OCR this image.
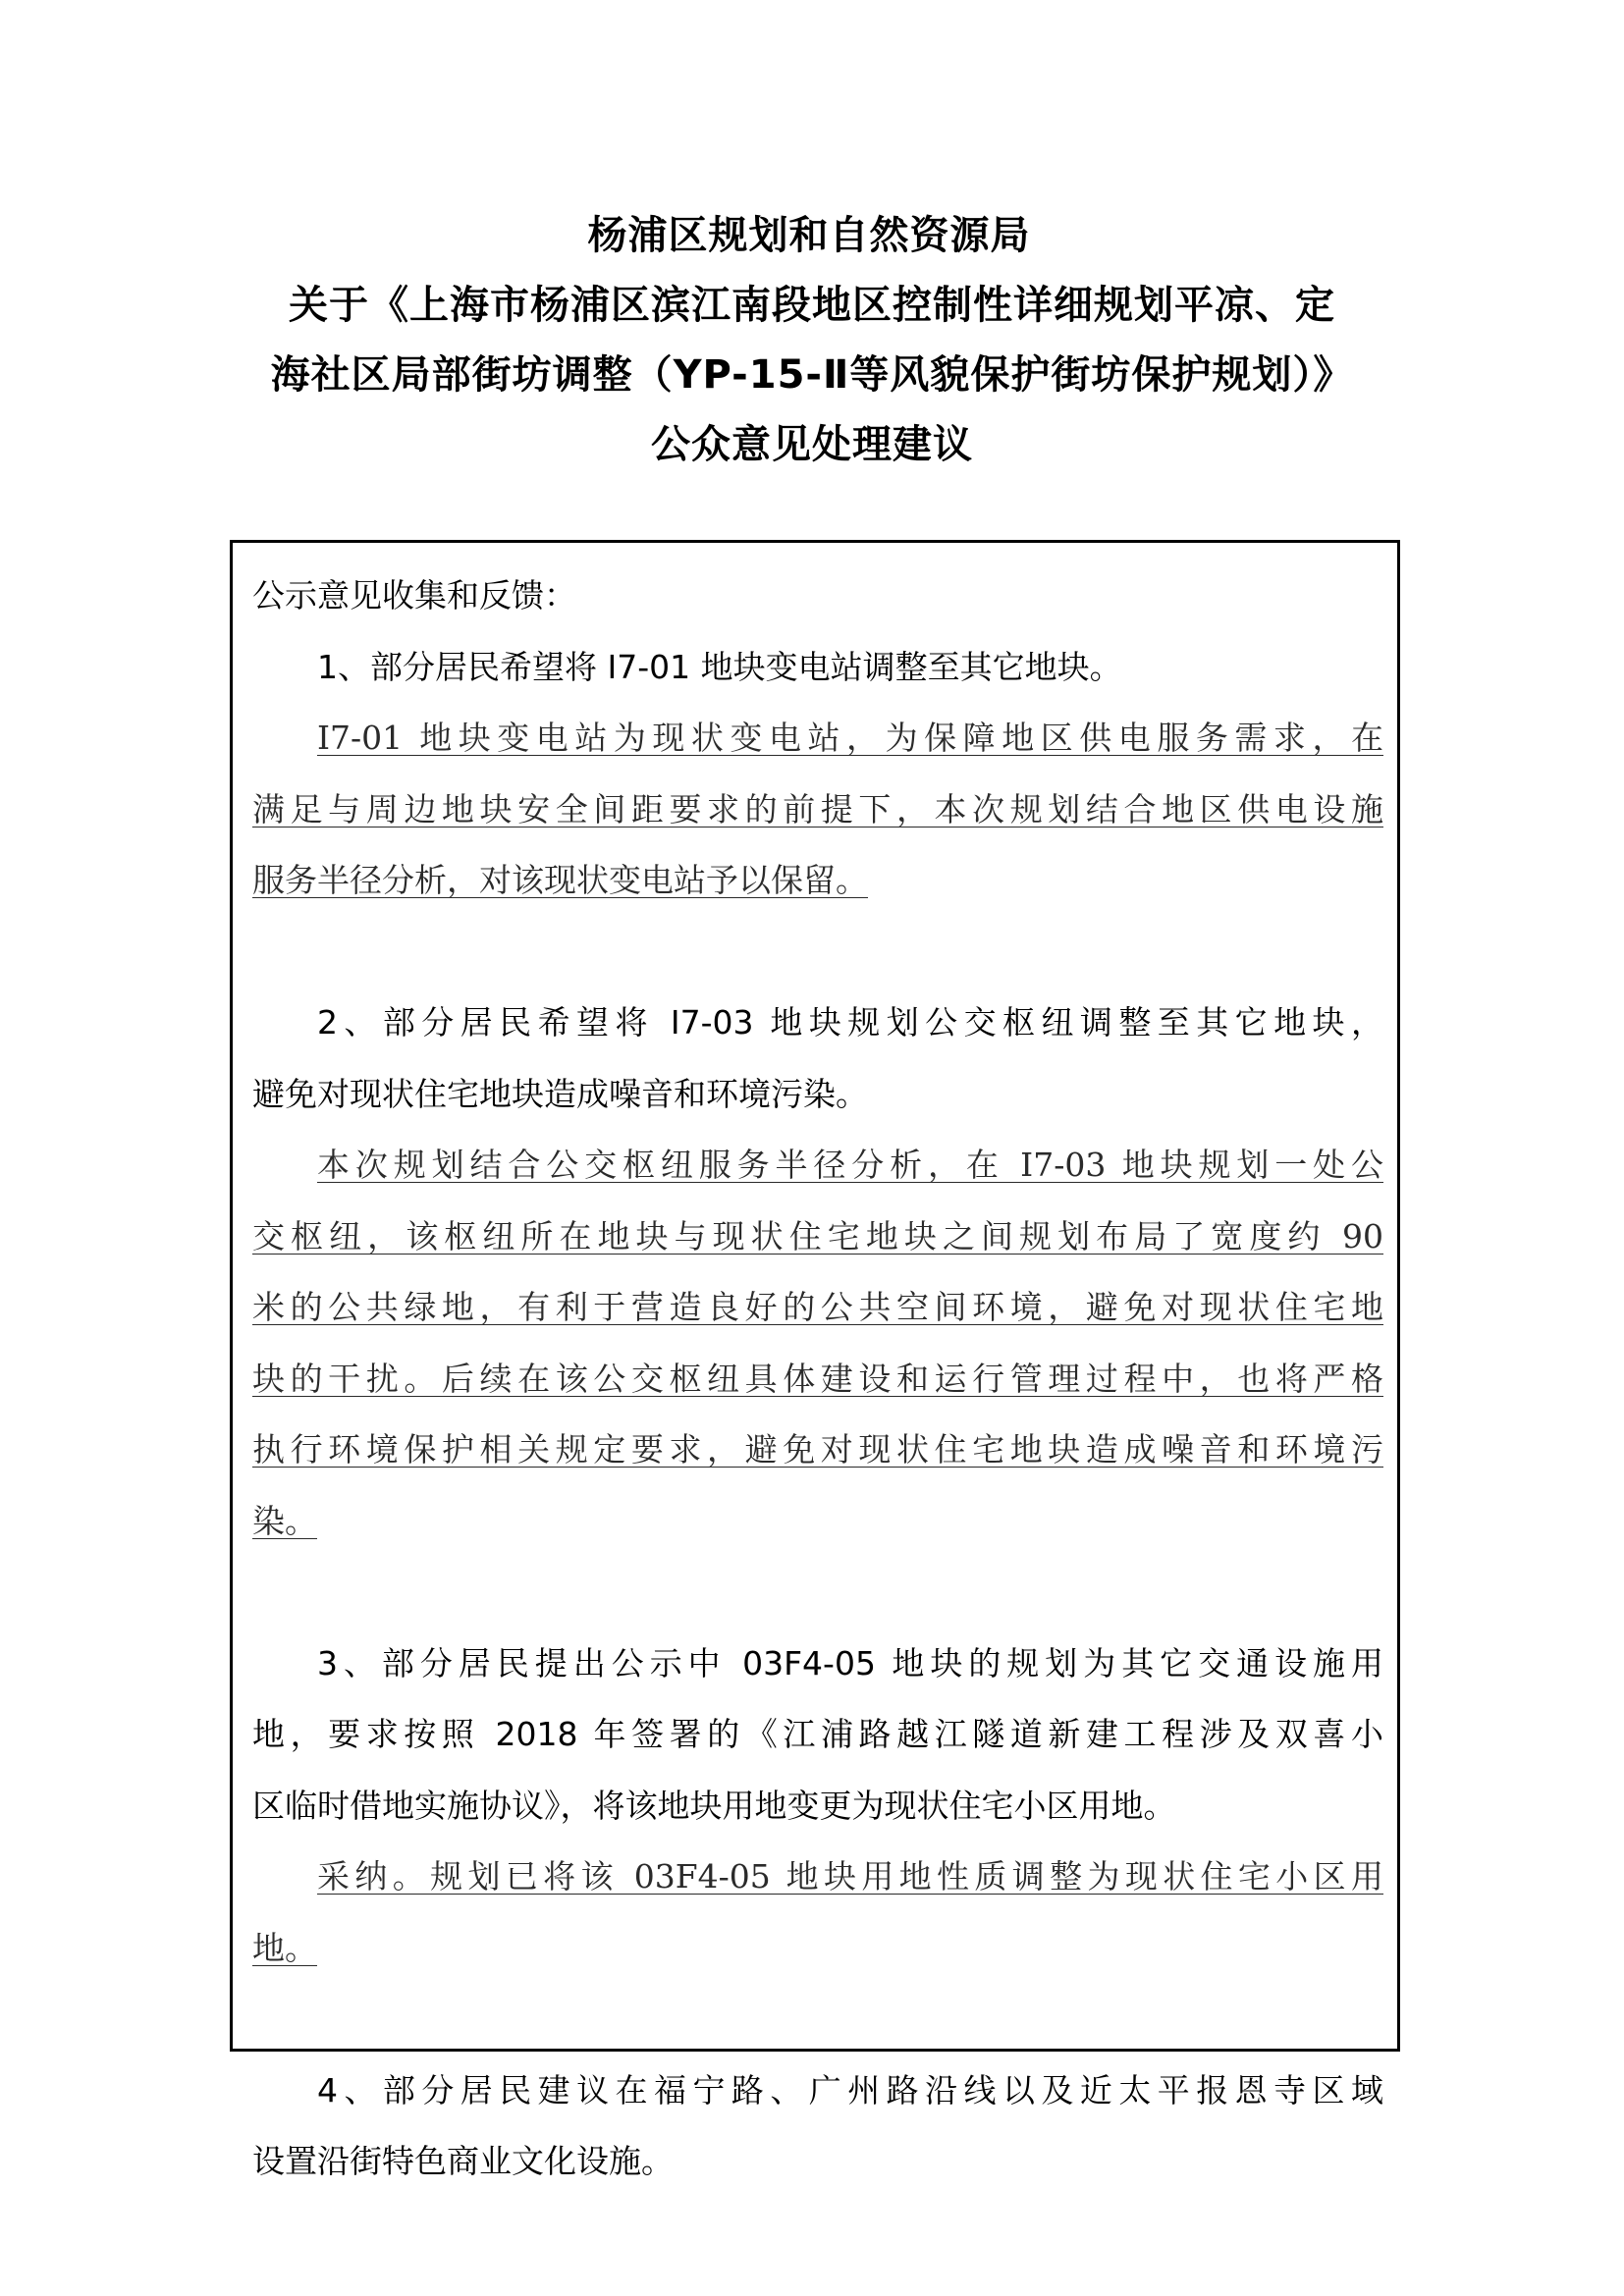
杨浦区规划和自然资源局
关于《上海市杨浦区滨江南段地区控制性详细规划平凉、定
海社区局部街坊调整（YP-15-Ⅱ等风貌保护街坊保护规划）》
公众意见处理建议
公示意见收集和反馈：
1、部分居民希望将 I7-01 地块变电站调整至其它地块。
I7-01 地块变电站为现状变电站，为保障地区供电服务需求，在
满足与周边地块安全间距要求的前提下，本次规划结合地区供电设施
服务半径分析，对该现状变电站予以保留。
2、部分居民希望将 I7-03 地块规划公交枢纽调整至其它地块，
避免对现状住宅地块造成噪音和环境污染。
本次规划结合公交枢纽服务半径分析，在 I7-03 地块规划一处公
交枢纽，该枢纽所在地块与现状住宅地块之间规划布局了宽度约 90
米的公共绿地，有利于营造良好的公共空间环境，避免对现状住宅地
块的干扰。后续在该公交枢纽具体建设和运行管理过程中，也将严格
执行环境保护相关规定要求，避免对现状住宅地块造成噪音和环境污
染。
3、部分居民提出公示中 03F4-05 地块的规划为其它交通设施用
地，要求按照 2018 年签署的《江浦路越江隧道新建工程涉及双喜小
区临时借地实施协议》，将该地块用地变更为现状住宅小区用地。
采纳。规划已将该 03F4-05 地块用地性质调整为现状住宅小区用
地。
4、部分居民建议在福宁路、广州路沿线以及近太平报恩寺区域
设置沿街特色商业文化设施。
